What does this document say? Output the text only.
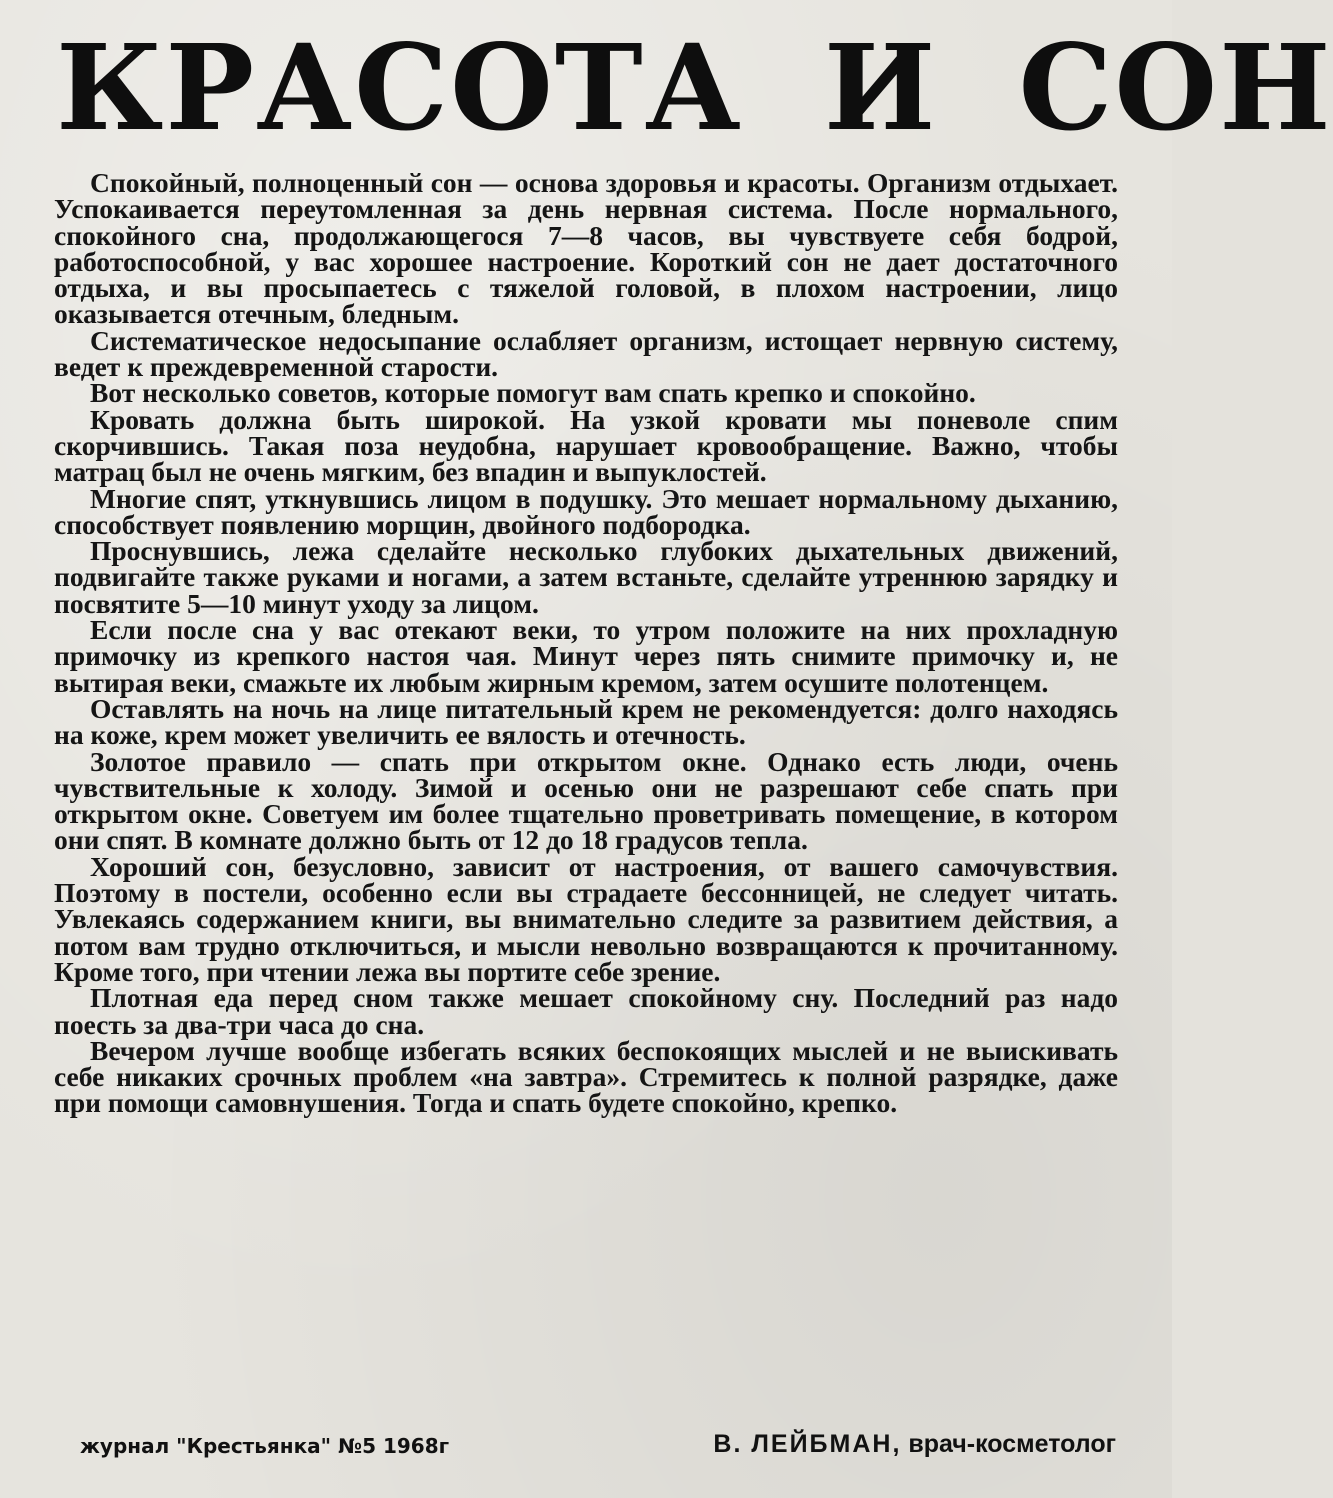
КРАСОТА И СОН

Спокойный, полноценный сон — основа здоровья и красоты. Организм отдыхает. Успокаивается переутомленная за день нервная система. После нормального, спокойного сна, продолжающегося 7—8 часов, вы чувствуете себя бодрой, работоспособной, у вас хорошее настроение. Короткий сон не дает достаточного отдыха, и вы просыпаетесь с тяжелой головой, в плохом настроении, лицо оказывается отечным, бледным.

Систематическое недосыпание ослабляет организм, истощает нервную систему, ведет к преждевременной старости.

Вот несколько советов, которые помогут вам спать крепко и спокойно.

Кровать должна быть широкой. На узкой кровати мы поневоле спим скорчившись. Такая поза неудобна, нарушает кровообращение. Важно, чтобы матрац был не очень мягким, без впадин и выпуклостей.

Многие спят, уткнувшись лицом в подушку. Это мешает нормальному дыханию, способствует появлению морщин, двойного подбородка.

Проснувшись, лежа сделайте несколько глубоких дыхательных движений, подвигайте также руками и ногами, а затем встаньте, сделайте утреннюю зарядку и посвятите 5—10 минут уходу за лицом.

Если после сна у вас отекают веки, то утром положите на них прохладную примочку из крепкого настоя чая. Минут через пять снимите примочку и, не вытирая веки, смажьте их любым жирным кремом, затем осушите полотенцем.

Оставлять на ночь на лице питательный крем не рекомендуется: долго находясь на коже, крем может увеличить ее вялость и отечность.

Золотое правило — спать при открытом окне. Однако есть люди, очень чувствительные к холоду. Зимой и осенью они не разрешают себе спать при открытом окне. Советуем им более тщательно проветривать помещение, в котором они спят. В комнате должно быть от 12 до 18 градусов тепла.

Хороший сон, безусловно, зависит от настроения, от вашего самочувствия. Поэтому в постели, особенно если вы страдаете бессонницей, не следует читать. Увлекаясь содержанием книги, вы внимательно следите за развитием действия, а потом вам трудно отключиться, и мысли невольно возвращаются к прочитанному. Кроме того, при чтении лежа вы портите себе зрение.

Плотная еда перед сном также мешает спокойному сну. Последний раз надо поесть за два-три часа до сна.

Вечером лучше вообще избегать всяких беспокоящих мыслей и не выискивать себе никаких срочных проблем «на завтра». Стремитесь к полной разрядке, даже при помощи самовнушения. Тогда и спать будете спокойно, крепко.

журнал "Крестьянка" №5 1968г	В. ЛЕЙБМАН, врач-косметолог
